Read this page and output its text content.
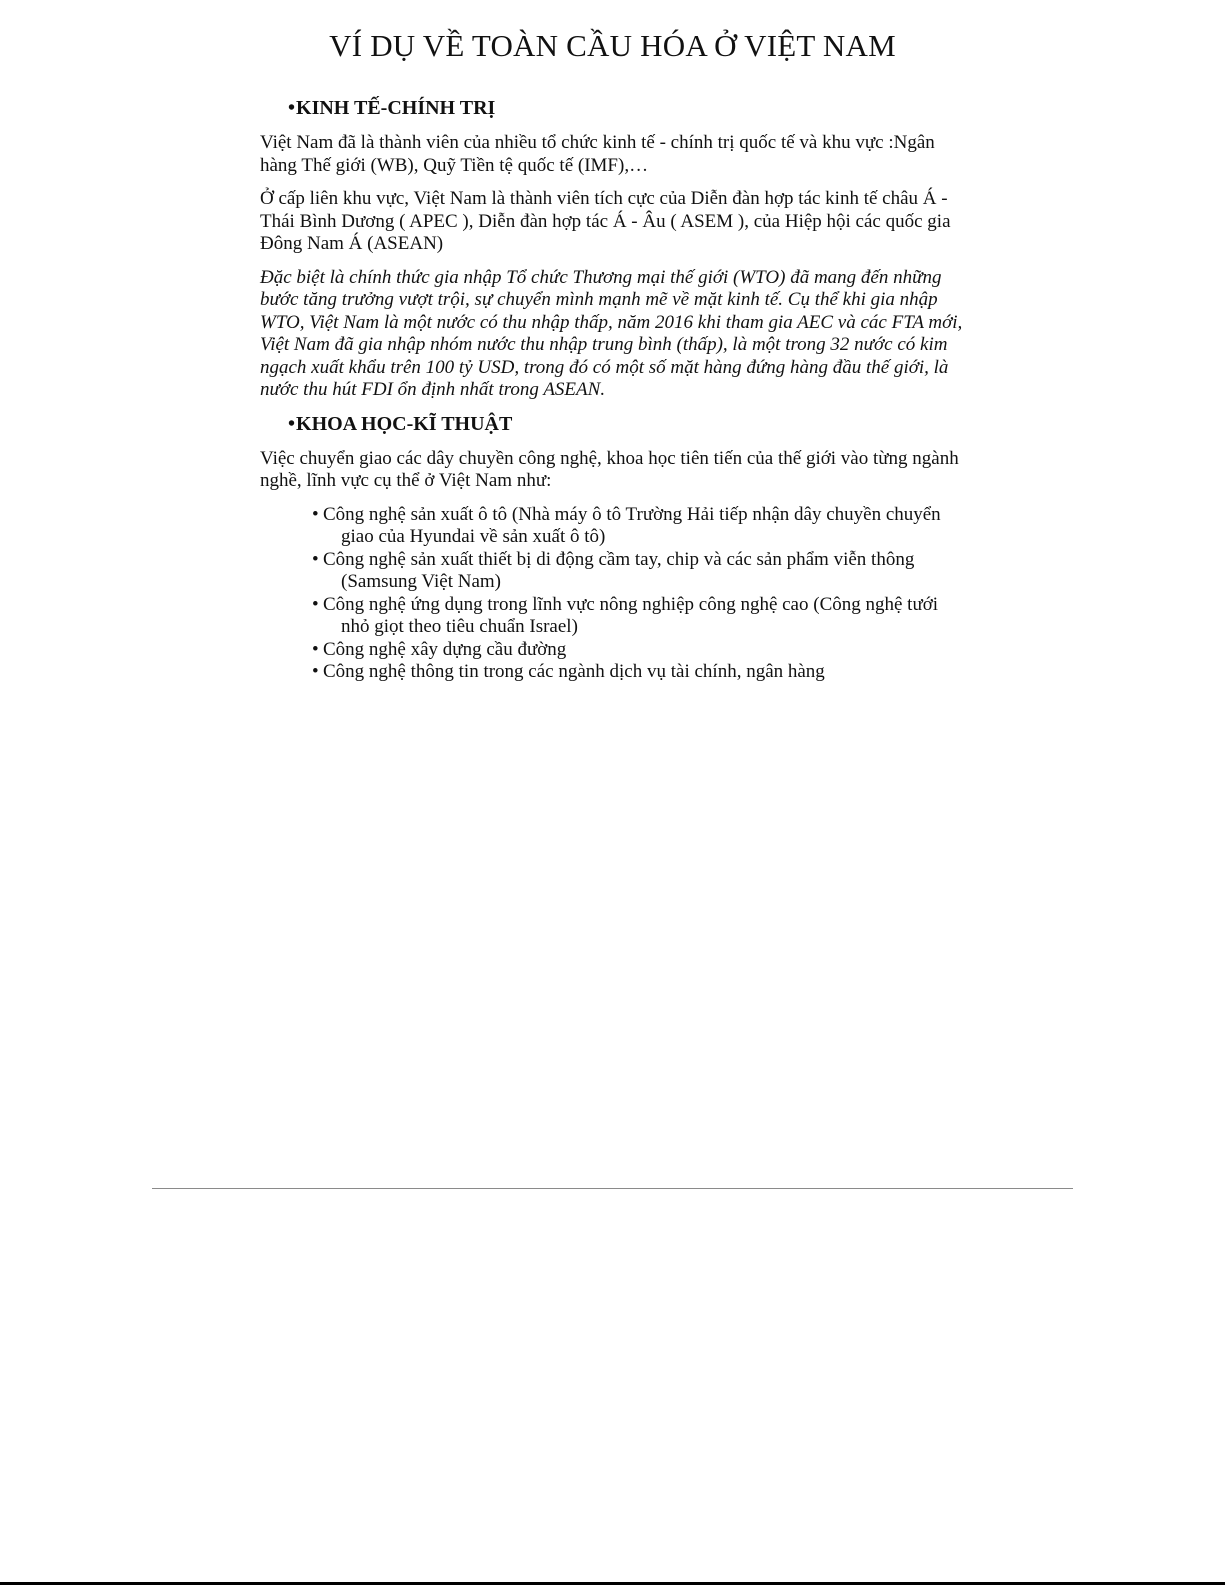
VÍ DỤ VỀ TOÀN CẦU HÓA Ở VIỆT NAM
•KINH TẾ-CHÍNH TRỊ

Việt Nam đã là thành viên của nhiều tổ chức kinh tế - chính trị quốc tế và khu vực :Ngân hàng Thế giới (WB), Quỹ Tiền tệ quốc tế (IMF),…

Ở cấp liên khu vực, Việt Nam là thành viên tích cực của Diễn đàn hợp tác kinh tế châu Á - Thái Bình Dương ( APEC ), Diễn đàn hợp tác Á - Âu ( ASEM ), của Hiệp hội các quốc gia Đông Nam Á (ASEAN)

Đặc biệt là chính thức gia nhập Tổ chức Thương mại thế giới (WTO) đã mang đến những bước tăng trưởng vượt trội, sự chuyển mình mạnh mẽ về mặt kinh tế. Cụ thể khi gia nhập WTO, Việt Nam là một nước có thu nhập thấp, năm 2016 khi tham gia AEC và các FTA mới, Việt Nam đã gia nhập nhóm nước thu nhập trung bình (thấp), là một trong 32 nước có kim ngạch xuất khẩu trên 100 tỷ USD, trong đó có một số mặt hàng đứng hàng đầu thế giới, là nước thu hút FDI ổn định nhất trong ASEAN.

•KHOA HỌC-KĨ THUẬT

Việc chuyển giao các dây chuyền công nghệ, khoa học tiên tiến của thế giới vào từng ngành nghề, lĩnh vực cụ thể ở Việt Nam như:

• Công nghệ sản xuất ô tô (Nhà máy ô tô Trường Hải tiếp nhận dây chuyền chuyển giao của Hyundai về sản xuất ô tô)
• Công nghệ sản xuất thiết bị di động cầm tay, chip và các sản phẩm viễn thông (Samsung Việt Nam)
• Công nghệ ứng dụng trong lĩnh vực nông nghiệp công nghệ cao (Công nghệ tưới nhỏ giọt theo tiêu chuẩn Israel)
• Công nghệ xây dựng cầu đường
• Công nghệ thông tin trong các ngành dịch vụ tài chính, ngân hàng
